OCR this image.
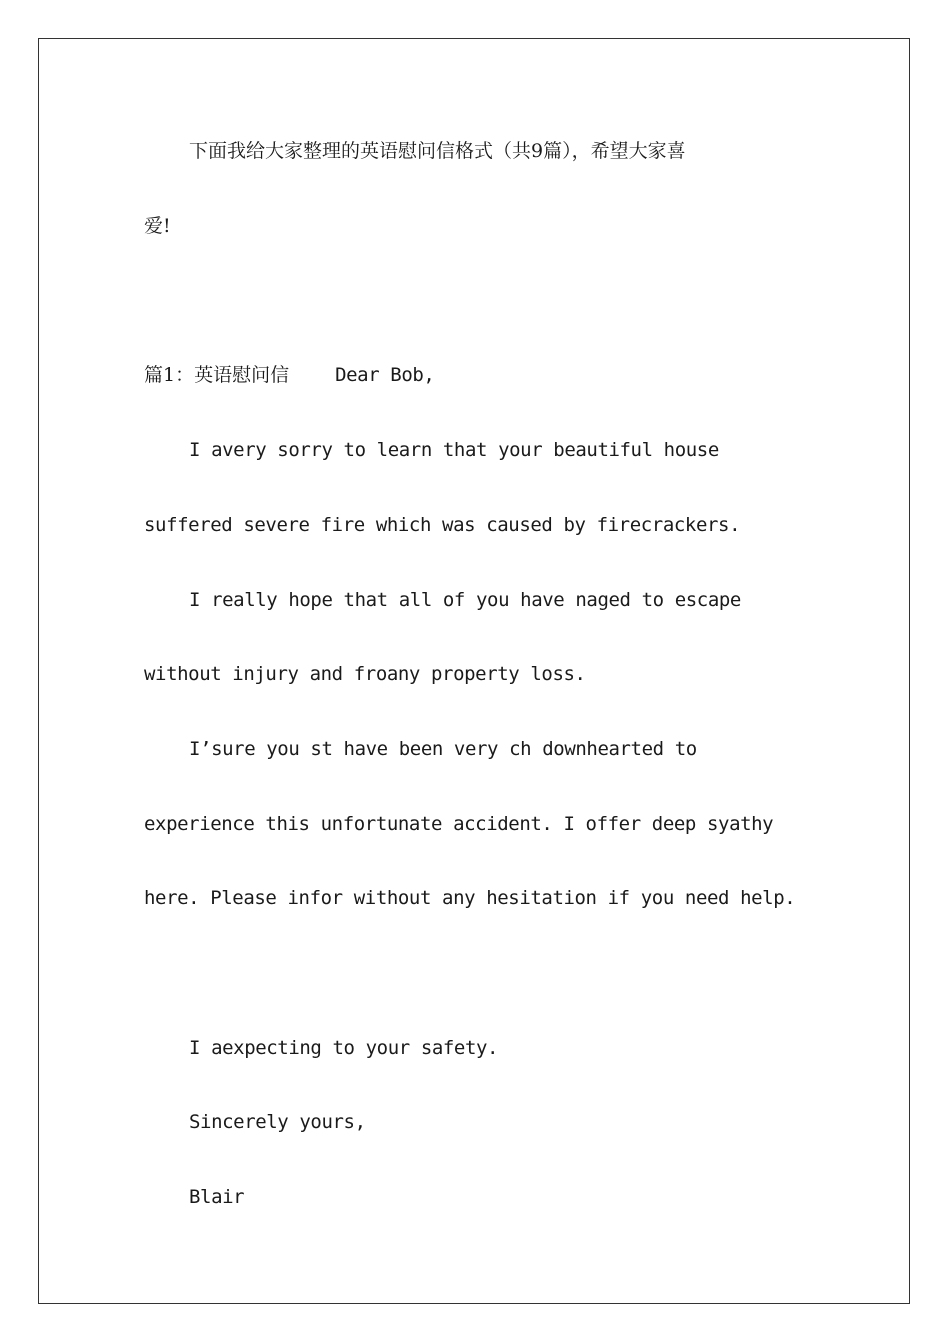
下面我给大家整理的英语慰问信格式（共9篇），希望大家喜
爱!
篇1：英语慰问信 Dear Bob,
I avery sorry to learn that your beautiful house
suffered severe fire which was caused by firecrackers.
I really hope that all of you have naged to escape
without injury and froany property loss.
I’sure you st have been very ch downhearted to
experience this unfortunate accident. I offer deep syathy
here. Please infor without any hesitation if you need help.
I aexpecting to your safety.
Sincerely yours,
Blair
